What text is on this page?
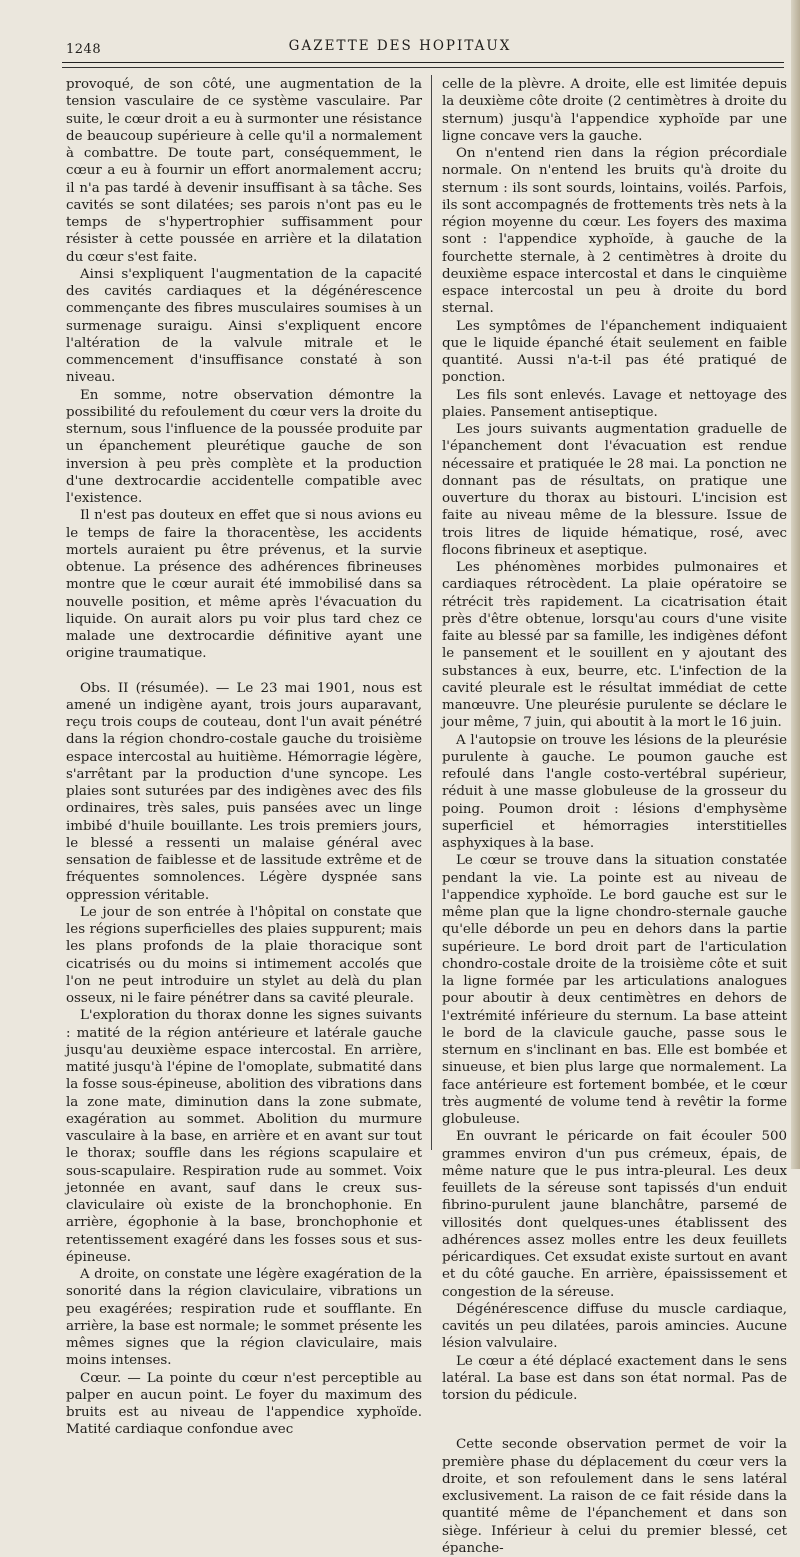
1248	GAZETTE DES HOPITAUX

provoqué, de son côté, une augmentation de la tension vasculaire de ce système vasculaire. Par suite, le cœur droit a eu à surmonter une résistance de beaucoup supérieure à celle qu'il a normalement à combattre. De toute part, conséquemment, le cœur a eu à fournir un effort anormalement accru; il n'a pas tardé à devenir insuffisant à sa tâche. Ses cavités se sont dilatées; ses parois n'ont pas eu le temps de s'hypertrophier suffisamment pour résister à cette poussée en arrière et la dilatation du cœur s'est faite.

Ainsi s'expliquent l'augmentation de la capacité des cavités cardiaques et la dégénérescence commençante des fibres musculaires soumises à un surmenage suraigu. Ainsi s'expliquent encore l'altération de la valvule mitrale et le commencement d'insuffisance constaté à son niveau.

En somme, notre observation démontre la possibilité du refoulement du cœur vers la droite du sternum, sous l'influence de la poussée produite par un épanchement pleurétique gauche de son inversion à peu près complète et la production d'une dextrocardie accidentelle compatible avec l'existence.

Il n'est pas douteux en effet que si nous avions eu le temps de faire la thoracentèse, les accidents mortels auraient pu être prévenus, et la survie obtenue. La présence des adhérences fibrineuses montre que le cœur aurait été immobilisé dans sa nouvelle position, et même après l'évacuation du liquide. On aurait alors pu voir plus tard chez ce malade une dextrocardie définitive ayant une origine traumatique.

Obs. II (résumée). — Le 23 mai 1901, nous est amené un indigène ayant, trois jours auparavant, reçu trois coups de couteau, dont l'un avait pénétré dans la région chondro-costale gauche du troisième espace intercostal au huitième. Hémorragie légère, s'arrêtant par la production d'une syncope. Les plaies sont suturées par des indigènes avec des fils ordinaires, très sales, puis pansées avec un linge imbibé d'huile bouillante. Les trois premiers jours, le blessé a ressenti un malaise général avec sensation de faiblesse et de lassitude extrême et de fréquentes somnolences. Légère dyspnée sans oppression véritable.

Le jour de son entrée à l'hôpital on constate que les régions superficielles des plaies suppurent; mais les plans profonds de la plaie thoracique sont cicatrisés ou du moins si intimement accolés que l'on ne peut introduire un stylet au delà du plan osseux, ni le faire pénétrer dans sa cavité pleurale.

L'exploration du thorax donne les signes suivants : matité de la région antérieure et latérale gauche jusqu'au deuxième espace intercostal. En arrière, matité jusqu'à l'épine de l'omoplate, submatité dans la fosse sous-épineuse, abolition des vibrations dans la zone mate, diminution dans la zone submate, exagération au sommet. Abolition du murmure vasculaire à la base, en arrière et en avant sur tout le thorax; souffle dans les régions scapulaire et sous-scapulaire. Respiration rude au sommet. Voix jetonnée en avant, sauf dans le creux sus-claviculaire où existe de la bronchophonie. En arrière, égophonie à la base, bronchophonie et retentissement exagéré dans les fosses sous et sus-épineuse.

A droite, on constate une légère exagération de la sonorité dans la région claviculaire, vibrations un peu exagérées; respiration rude et soufflante. En arrière, la base est normale; le sommet présente les mêmes signes que la région claviculaire, mais moins intenses.

Cœur. — La pointe du cœur n'est perceptible au palper en aucun point. Le foyer du maximum des bruits est au niveau de l'appendice xyphoïde. Matité cardiaque confondue avec

celle de la plèvre. A droite, elle est limitée depuis la deuxième côte droite (2 centimètres à droite du sternum) jusqu'à l'appendice xyphoïde par une ligne concave vers la gauche.

On n'entend rien dans la région précordiale normale. On n'entend les bruits qu'à droite du sternum : ils sont sourds, lointains, voilés. Parfois, ils sont accompagnés de frottements très nets à la région moyenne du cœur. Les foyers des maxima sont : l'appendice xyphoïde, à gauche de la fourchette sternale, à 2 centimètres à droite du deuxième espace intercostal et dans le cinquième espace intercostal un peu à droite du bord sternal.

Les symptômes de l'épanchement indiquaient que le liquide épanché était seulement en faible quantité. Aussi n'a-t-il pas été pratiqué de ponction.

Les fils sont enlevés. Lavage et nettoyage des plaies. Pansement antiseptique.

Les jours suivants augmentation graduelle de l'épanchement dont l'évacuation est rendue nécessaire et pratiquée le 28 mai. La ponction ne donnant pas de résultats, on pratique une ouverture du thorax au bistouri. L'incision est faite au niveau même de la blessure. Issue de trois litres de liquide hématique, rosé, avec flocons fibrineux et aseptique.

Les phénomènes morbides pulmonaires et cardiaques rétrocèdent. La plaie opératoire se rétrécit très rapidement. La cicatrisation était près d'être obtenue, lorsqu'au cours d'une visite faite au blessé par sa famille, les indigènes défont le pansement et le souillent en y ajoutant des substances à eux, beurre, etc. L'infection de la cavité pleurale est le résultat immédiat de cette manœuvre. Une pleurésie purulente se déclare le jour même, 7 juin, qui aboutit à la mort le 16 juin.

A l'autopsie on trouve les lésions de la pleurésie purulente à gauche. Le poumon gauche est refoulé dans l'angle costo-vertébral supérieur, réduit à une masse globuleuse de la grosseur du poing. Poumon droit : lésions d'emphysème superficiel et hémorragies interstitielles asphyxiques à la base.

Le cœur se trouve dans la situation constatée pendant la vie. La pointe est au niveau de l'appendice xyphoïde. Le bord gauche est sur le même plan que la ligne chondro-sternale gauche qu'elle déborde un peu en dehors dans la partie supérieure. Le bord droit part de l'articulation chondro-costale droite de la troisième côte et suit la ligne formée par les articulations analogues pour aboutir à deux centimètres en dehors de l'extrémité inférieure du sternum. La base atteint le bord de la clavicule gauche, passe sous le sternum en s'inclinant en bas. Elle est bombée et sinueuse, et bien plus large que normalement. La face antérieure est fortement bombée, et le cœur très augmenté de volume tend à revêtir la forme globuleuse.

En ouvrant le péricarde on fait écouler 500 grammes environ d'un pus crémeux, épais, de même nature que le pus intra-pleural. Les deux feuillets de la séreuse sont tapissés d'un enduit fibrino-purulent jaune blanchâtre, parsemé de villosités dont quelques-unes établissent des adhérences assez molles entre les deux feuillets péricardiques. Cet exsudat existe surtout en avant et du côté gauche. En arrière, épaississement et congestion de la séreuse.

Dégénérescence diffuse du muscle cardiaque, cavités un peu dilatées, parois amincies. Aucune lésion valvulaire.

Le cœur a été déplacé exactement dans le sens latéral. La base est dans son état normal. Pas de torsion du pédicule.

Cette seconde observation permet de voir la première phase du déplacement du cœur vers la droite, et son refoulement dans le sens latéral exclusivement. La raison de ce fait réside dans la quantité même de l'épanchement et dans son siège. Inférieur à celui du premier blessé, cet épanche-
